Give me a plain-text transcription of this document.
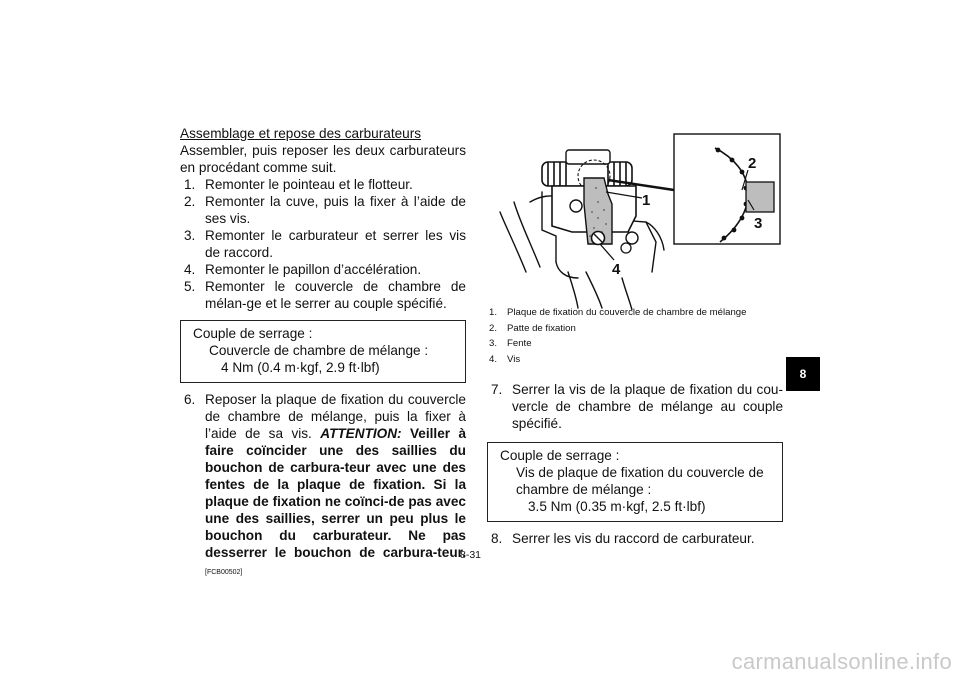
Assemblage et repose des carburateurs
Assembler, puis reposer les deux carburateurs en procédant comme suit.
1. Remonter le pointeau et le flotteur.
2. Remonter la cuve, puis la fixer à l’aide de ses vis.
3. Remonter le carburateur et serrer les vis de raccord.
4. Remonter le papillon d’accélération.
5. Remonter le couvercle de chambre de mélan-ge et le serrer au couple spécifié.
Couple de serrage :
Couvercle de chambre de mélange :
4 Nm (0.4 m·kgf, 2.9 ft·lbf)
6. Reposer la plaque de fixation du couvercle de chambre de mélange, puis la fixer à l’aide de sa vis. ATTENTION: Veiller à faire coïncider une des saillies du bouchon de carbura-teur avec une des fentes de la plaque de fixation. Si la plaque de fixation ne coïnci-de pas avec une des saillies, serrer un peu plus le bouchon du carburateur. Ne pas desserrer le bouchon de carbura-teur.[FCB00502]
1
2
3
4
1. Plaque de fixation du couvercle de chambre de mélange
2. Patte de fixation
3. Fente
4. Vis
7. Serrer la vis de la plaque de fixation du cou-vercle de chambre de mélange au couple spécifié.
Couple de serrage :
Vis de plaque de fixation du couvercle de chambre de mélange :
3.5 Nm (0.35 m·kgf, 2.5 ft·lbf)
8. Serrer les vis du raccord de carburateur.
8
8-31
carmanualsonline.info
